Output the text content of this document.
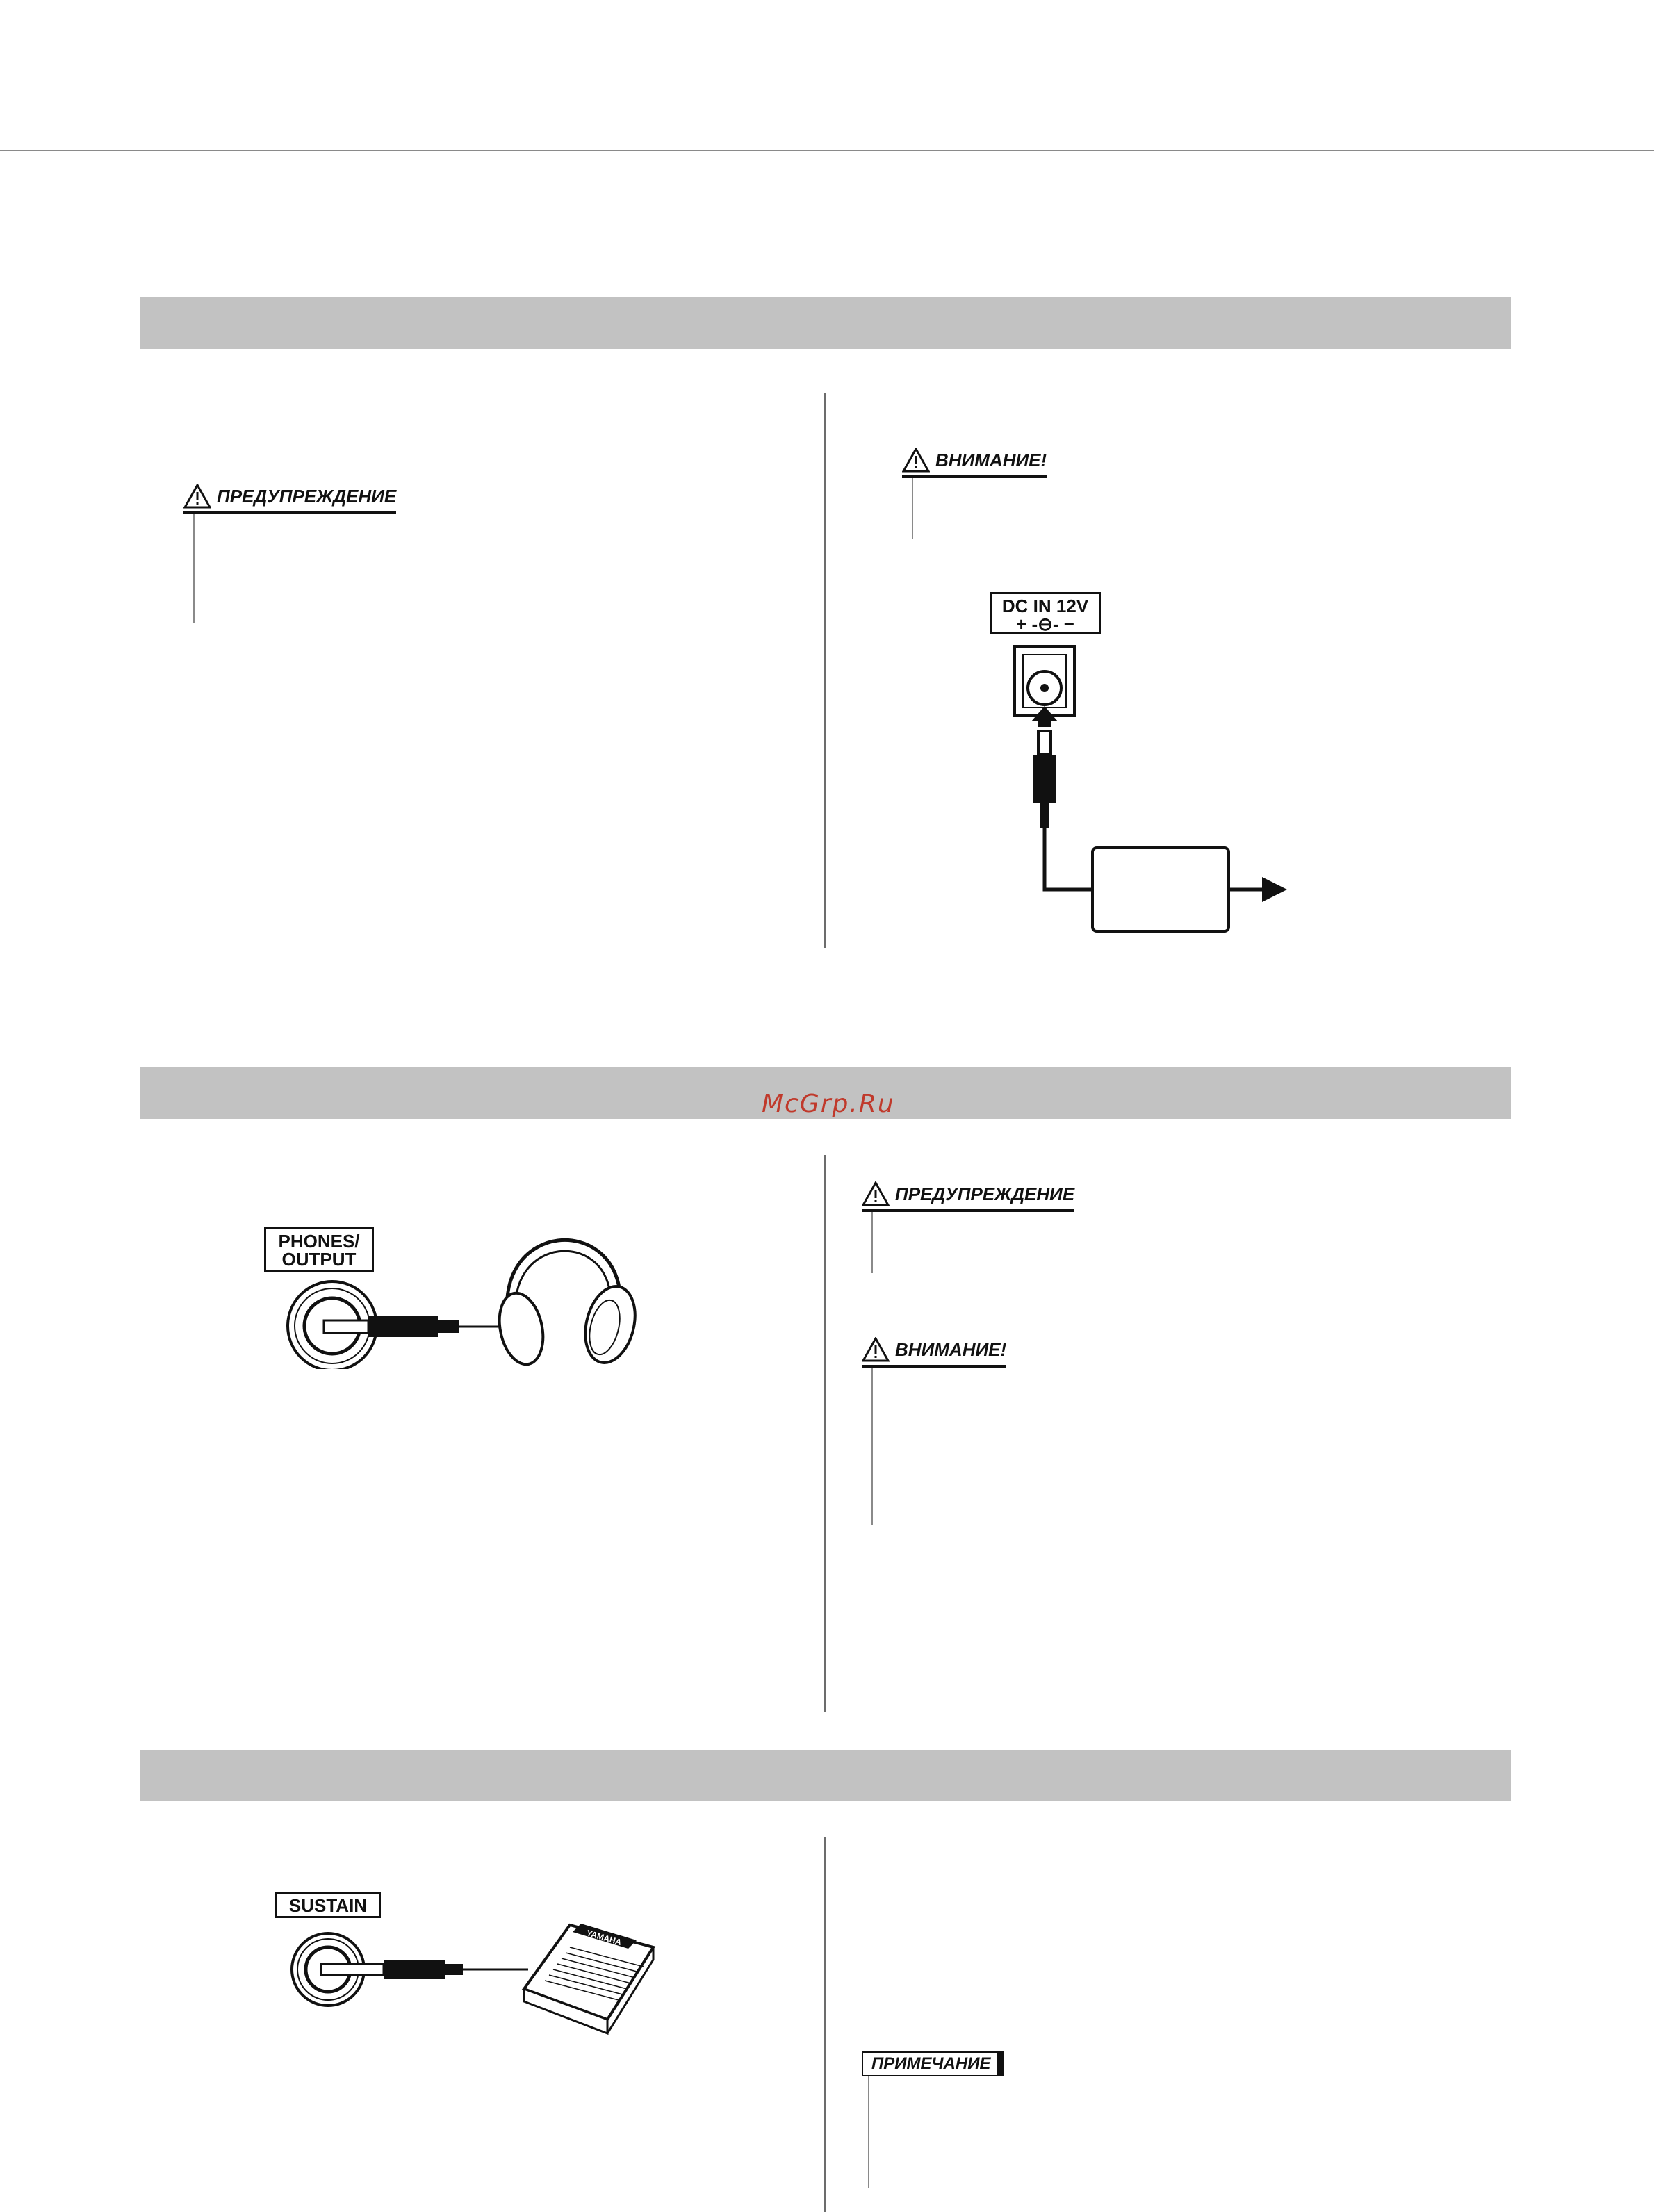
ПРЕДУПРЕЖДЕНИЕ
ВНИМАНИЕ!
DC IN 12V
+ -⊖- −
McGrp.Ru
PHONES/
OUTPUT
ПРЕДУПРЕЖДЕНИЕ
ВНИМАНИЕ!
SUSTAIN
YAMAHA
ПРИМЕЧАНИЕ
